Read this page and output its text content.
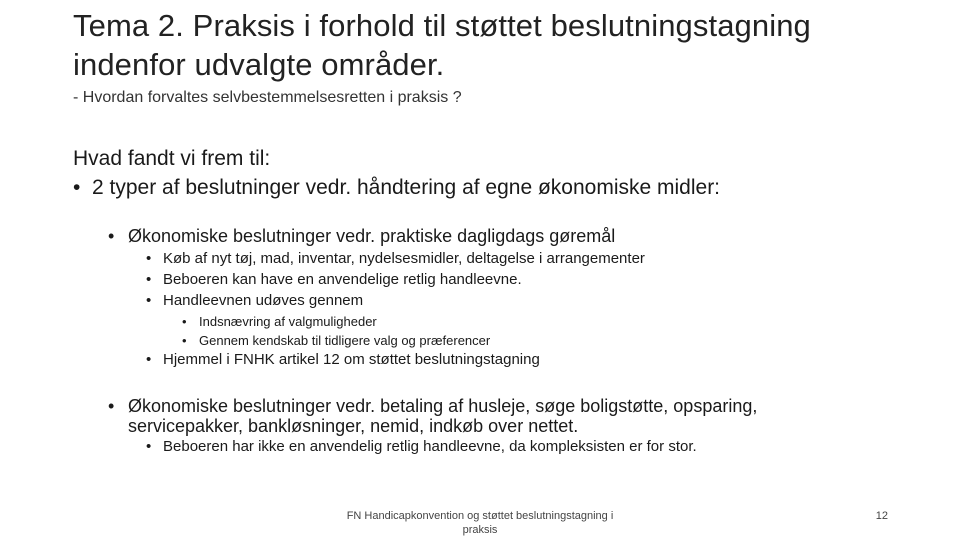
Tema 2. Praksis i forhold til støttet beslutningstagning indenfor udvalgte områder.
- Hvordan forvaltes selvbestemmelsesretten i praksis ?
Hvad fandt vi frem til:
• 2 typer af beslutninger vedr. håndtering af egne økonomiske midler:
• Økonomiske beslutninger vedr. praktiske dagligdags gøremål
• Køb af nyt tøj, mad, inventar, nydelsesmidler, deltagelse i arrangementer
• Beboeren kan have en anvendelige retlig handleevne.
• Handleevnen udøves gennem
• Indsnævring af valgmuligheder
• Gennem kendskab til tidligere valg og præferencer
• Hjemmel i FNHK artikel 12 om støttet beslutningstagning
• Økonomiske beslutninger vedr. betaling af husleje, søge boligstøtte, opsparing, servicepakker, bankløsninger, nemid, indkøb over nettet.
• Beboeren har ikke en anvendelig retlig handleevne, da kompleksisten er for stor.
FN Handicapkonvention og støttet beslutningstagning i praksis
12
